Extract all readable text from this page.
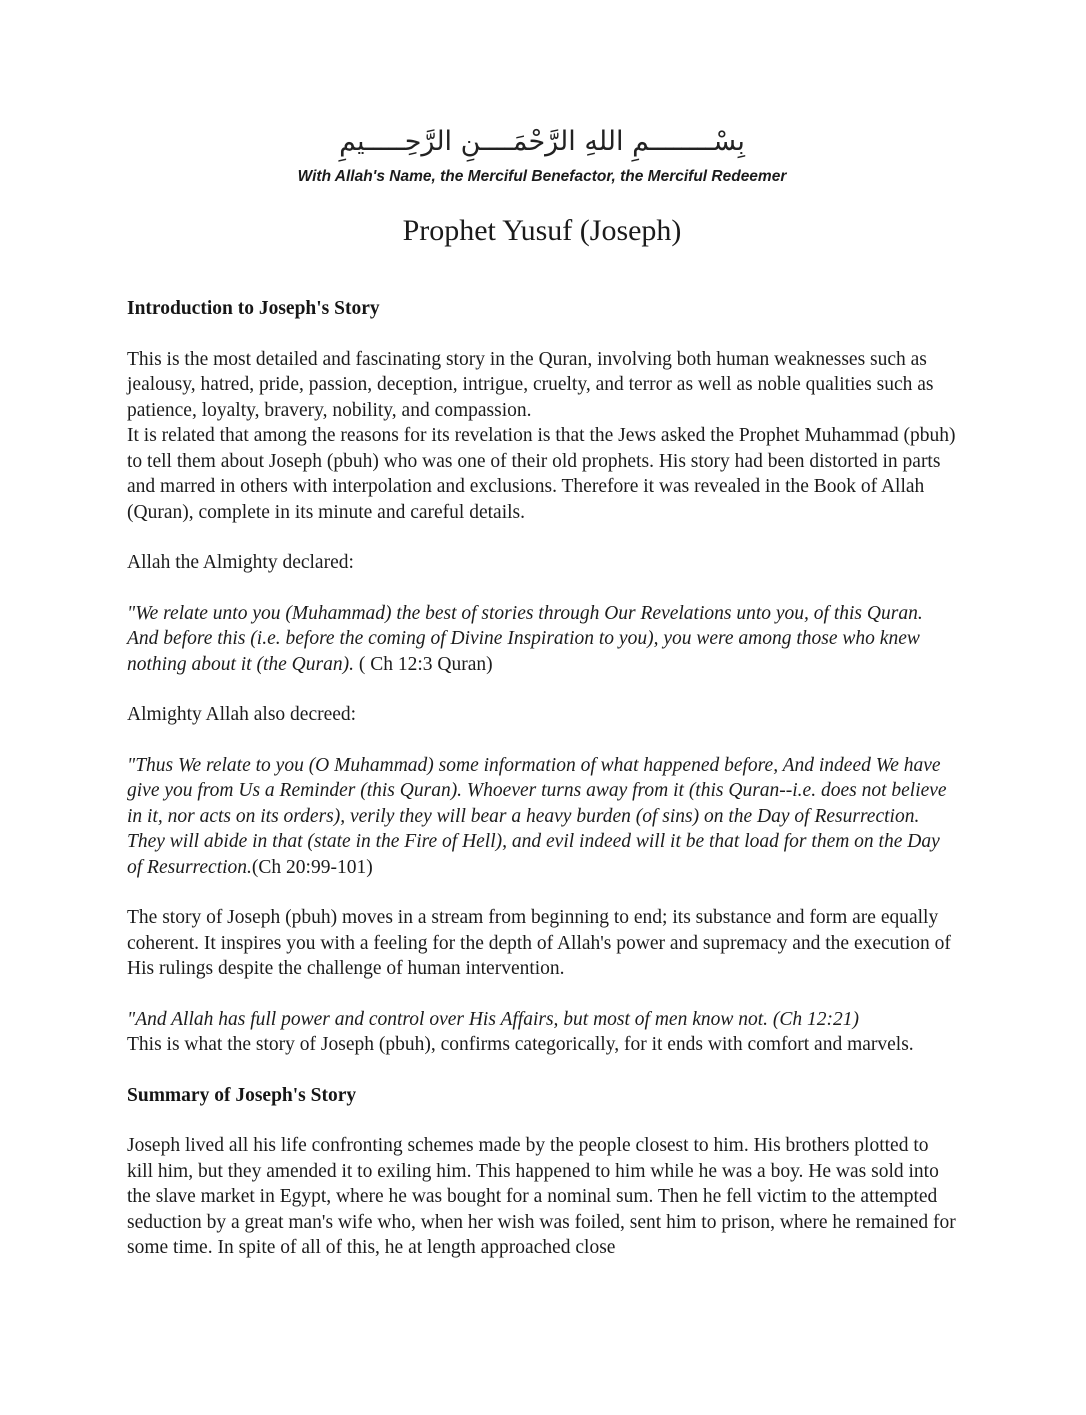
بِسْــــــــمِ اللهِ الرَّحْمَــــنِ الرَّحِـــــيمِ
With Allah's Name, the Merciful Benefactor, the Merciful Redeemer
Prophet Yusuf (Joseph)
Introduction to Joseph's Story

This is the most detailed and fascinating story in the Quran, involving both human weaknesses such as jealousy, hatred, pride, passion, deception, intrigue, cruelty, and terror as well as noble qualities such as patience, loyalty, bravery, nobility, and compassion.
It is related that among the reasons for its revelation is that the Jews asked the Prophet Muhammad (pbuh) to tell them about Joseph (pbuh) who was one of their old prophets. His story had been distorted in parts and marred in others with interpolation and exclusions. Therefore it was revealed in the Book of Allah (Quran), complete in its minute and careful details.

Allah the Almighty declared:

"We relate unto you (Muhammad) the best of stories through Our Revelations unto you, of this Quran. And before this (i.e. before the coming of Divine Inspiration to you), you were among those who knew nothing about it (the Quran). ( Ch 12:3 Quran)

Almighty Allah also decreed:

"Thus We relate to you (O Muhammad) some information of what happened before, And indeed We have give you from Us a Reminder (this Quran). Whoever turns away from it (this Quran--i.e. does not believe in it, nor acts on its orders), verily they will bear a heavy burden (of sins) on the Day of Resurrection. They will abide in that (state in the Fire of Hell), and evil indeed will it be that load for them on the Day of Resurrection.(Ch 20:99-101)

The story of Joseph (pbuh) moves in a stream from beginning to end; its substance and form are equally coherent. It inspires you with a feeling for the depth of Allah's power and supremacy and the execution of His rulings despite the challenge of human intervention.

"And Allah has full power and control over His Affairs, but most of men know not. (Ch 12:21)

This is what the story of Joseph (pbuh), confirms categorically, for it ends with comfort and marvels.

Summary of Joseph's Story

Joseph lived all his life confronting schemes made by the people closest to him. His brothers plotted to kill him, but they amended it to exiling him. This happened to him while he was a boy. He was sold into the slave market in Egypt, where he was bought for a nominal sum. Then he fell victim to the attempted seduction by a great man's wife who, when her wish was foiled, sent him to prison, where he remained for some time. In spite of all of this, he at length approached close
